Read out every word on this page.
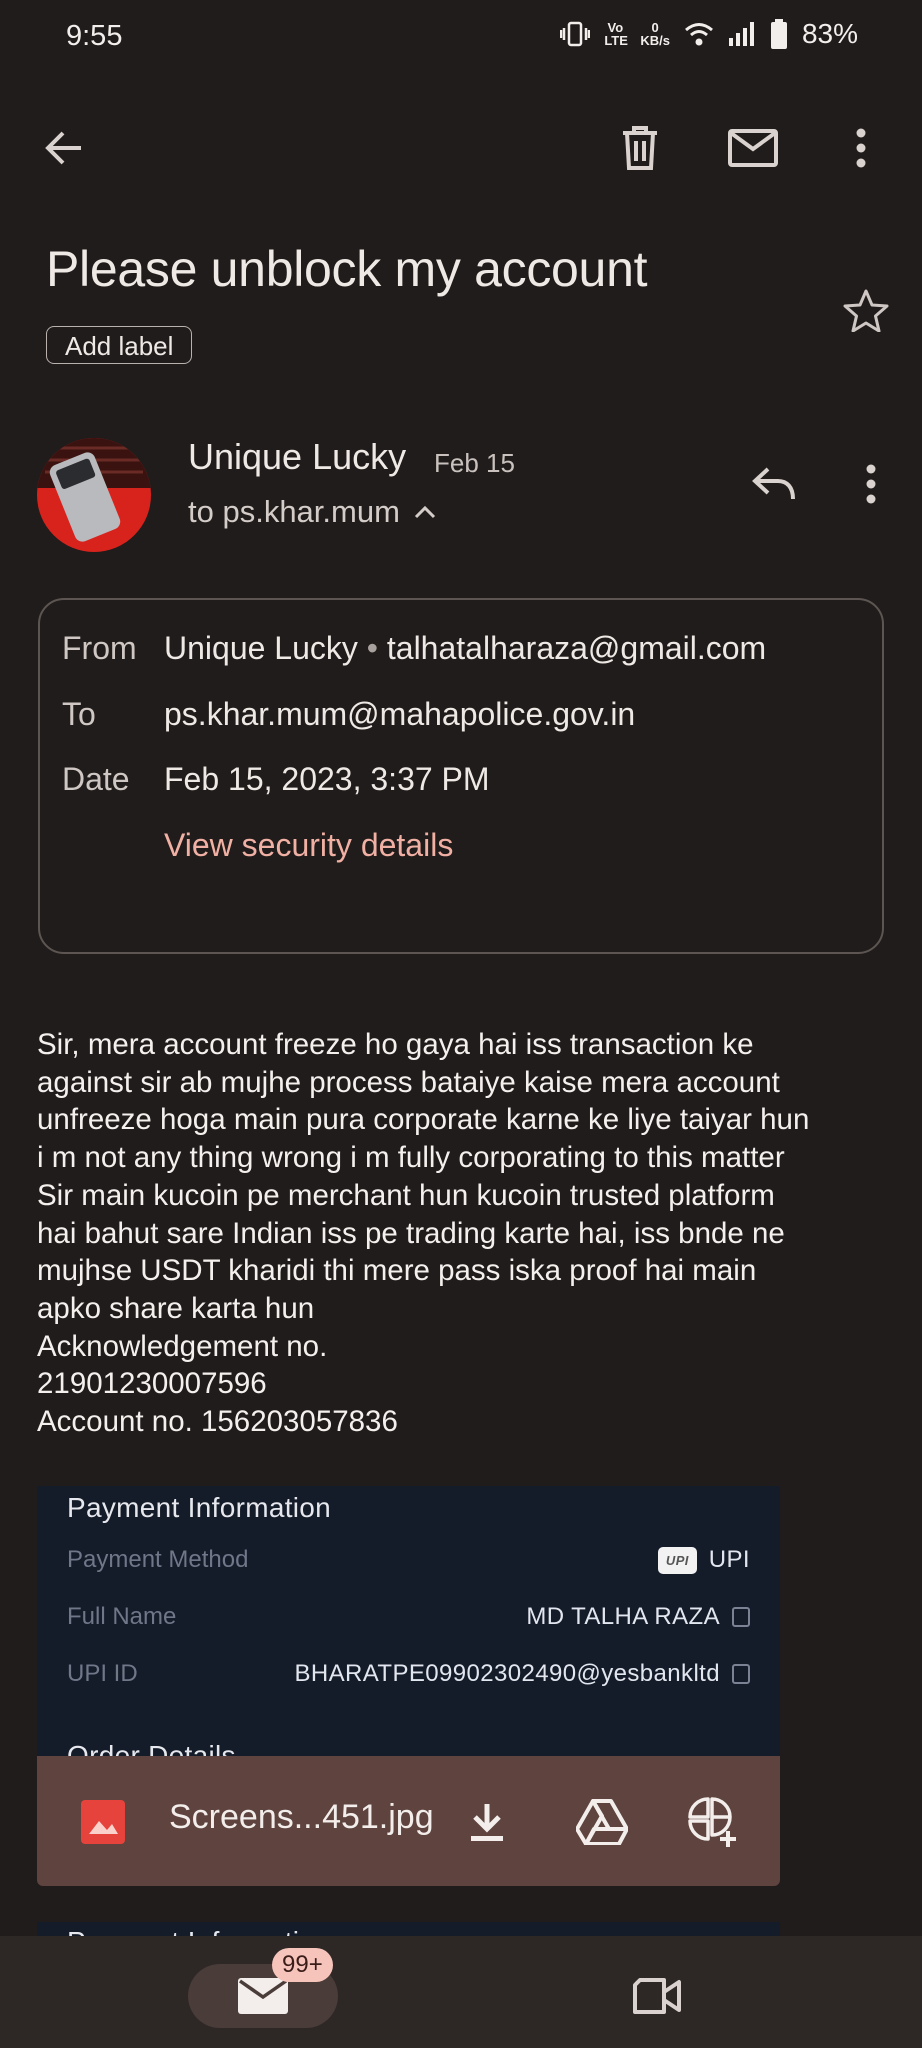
9:55	Vo LTE
0
KB/s	83%
Please unblock my account
Add label
Unique Lucky Feb 15
to ps.khar.mum
From Unique Lucky • talhatalharaza@gmail.com
To ps.khar.mum@mahapolice.gov.in
Date Feb 15, 2023, 3:37 PM
View security details
Sir, mera account freeze ho gaya hai iss transaction ke
against sir ab mujhe process bataiye kaise mera account
unfreeze hoga main pura corporate karne ke liye taiyar hun
i m not any thing wrong i m fully corporating to this matter
Sir main kucoin pe merchant hun kucoin trusted platform
hai bahut sare Indian iss pe trading karte hai, iss bnde ne
mujhse USDT kharidi thi mere pass iska proof hai main
apko share karta hun
Acknowledgement no.
21901230007596
Account no. 156203057836
Payment Information
Payment Method	UPI UPI
Full Name	MD TALHA RAZA
UPI ID	BHARATPE09902302490@yesbankltd
Screens...451.jpg
99+
